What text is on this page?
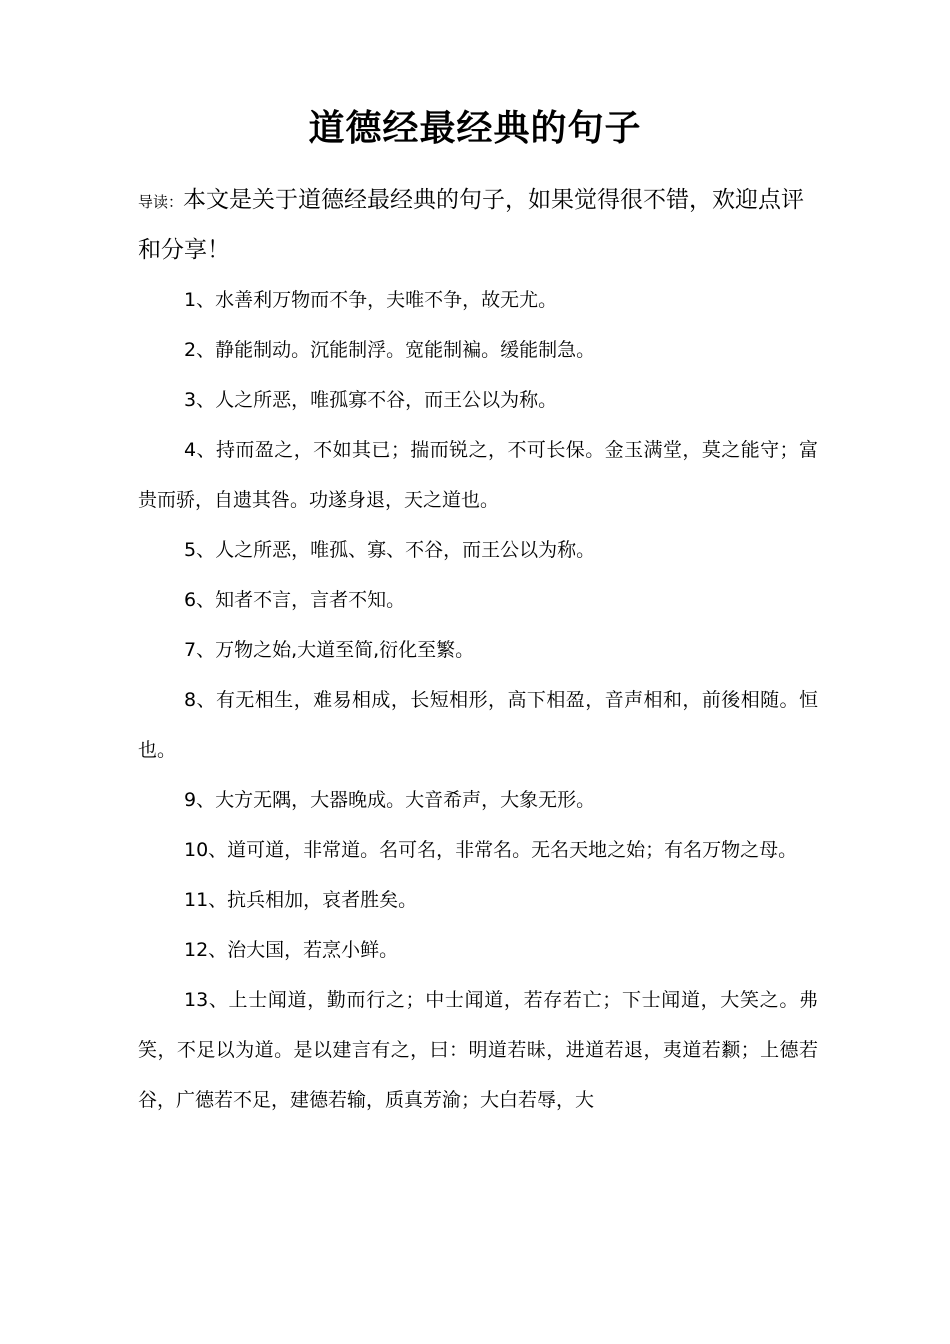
道德经最经典的句子

导读：本文是关于道德经最经典的句子，如果觉得很不错，欢迎点评和分享！

1、水善利万物而不争，夫唯不争，故无尤。
2、静能制动。沉能制浮。宽能制褊。缓能制急。
3、人之所恶，唯孤寡不谷，而王公以为称。
4、持而盈之，不如其已；揣而锐之，不可长保。金玉满堂，莫之能守；富贵而骄，自遗其咎。功遂身退，天之道也。
5、人之所恶，唯孤、寡、不谷，而王公以为称。
6、知者不言，言者不知。
7、万物之始,大道至简,衍化至繁。
8、有无相生，难易相成，长短相形，高下相盈，音声相和，前後相随。恒也。
9、大方无隅，大器晚成。大音希声，大象无形。
10、道可道，非常道。名可名，非常名。无名天地之始；有名万物之母。
11、抗兵相加，哀者胜矣。
12、治大国，若烹小鲜。
13、上士闻道，勤而行之；中士闻道，若存若亡；下士闻道，大笑之。弗笑，不足以为道。是以建言有之，曰：明道若昧，进道若退，夷道若颣；上德若谷，广德若不足，建德若输，质真芳渝；大白若辱，大
